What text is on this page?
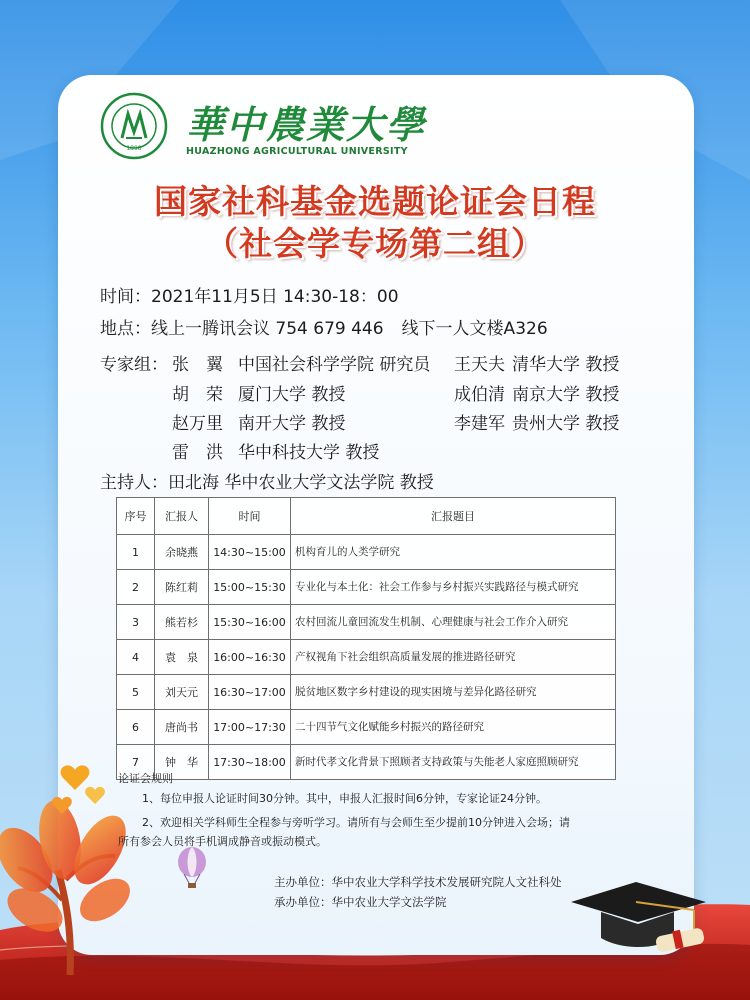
1898
華中農業大學
HUAZHONG AGRICULTURAL UNIVERSITY
国家社科基金选题论证会日程
（社会学专场第二组）
时间：2021年11月5日 14:30-18：00
地点：线上一腾讯会议 754 679 446 线下一人文楼A326
专家组： 张　翼 中国社会科学学院 研究员 王天夫 清华大学 教授
胡　荣 厦门大学 教授	成伯清 南京大学 教授
赵万里 南开大学 教授	李建军 贵州大学 教授
雷　洪 华中科技大学 教授
主持人：田北海 华中农业大学文法学院 教授
序号	汇报人	时间	汇报题目
1	余晓燕	14:30~15:00	机构育儿的人类学研究
2	陈红莉	15:00~15:30	专业化与本土化：社会工作参与乡村振兴实践路径与模式研究
3	熊若杉	15:30~16:00	农村回流儿童回流发生机制、心理健康与社会工作介入研究
4	袁　泉	16:00~16:30	产权视角下社会组织高质量发展的推进路径研究
5	刘天元	16:30~17:00	脱贫地区数字乡村建设的现实困境与差异化路径研究
6	唐尚书	17:00~17:30	二十四节气文化赋能乡村振兴的路径研究
7	钟　华	17:30~18:00	新时代孝文化背景下照顾者支持政策与失能老人家庭照顾研究
论证会规则
1、每位申报人论证时间30分钟。其中，申报人汇报时间6分钟，专家论证24分钟。
2、欢迎相关学科师生全程参与旁听学习。请所有与会师生至少提前10分钟进入会场；请
所有参会人员将手机调成静音或振动模式。
主办单位：华中农业大学科学技术发展研究院人文社科处
承办单位：华中农业大学文法学院
